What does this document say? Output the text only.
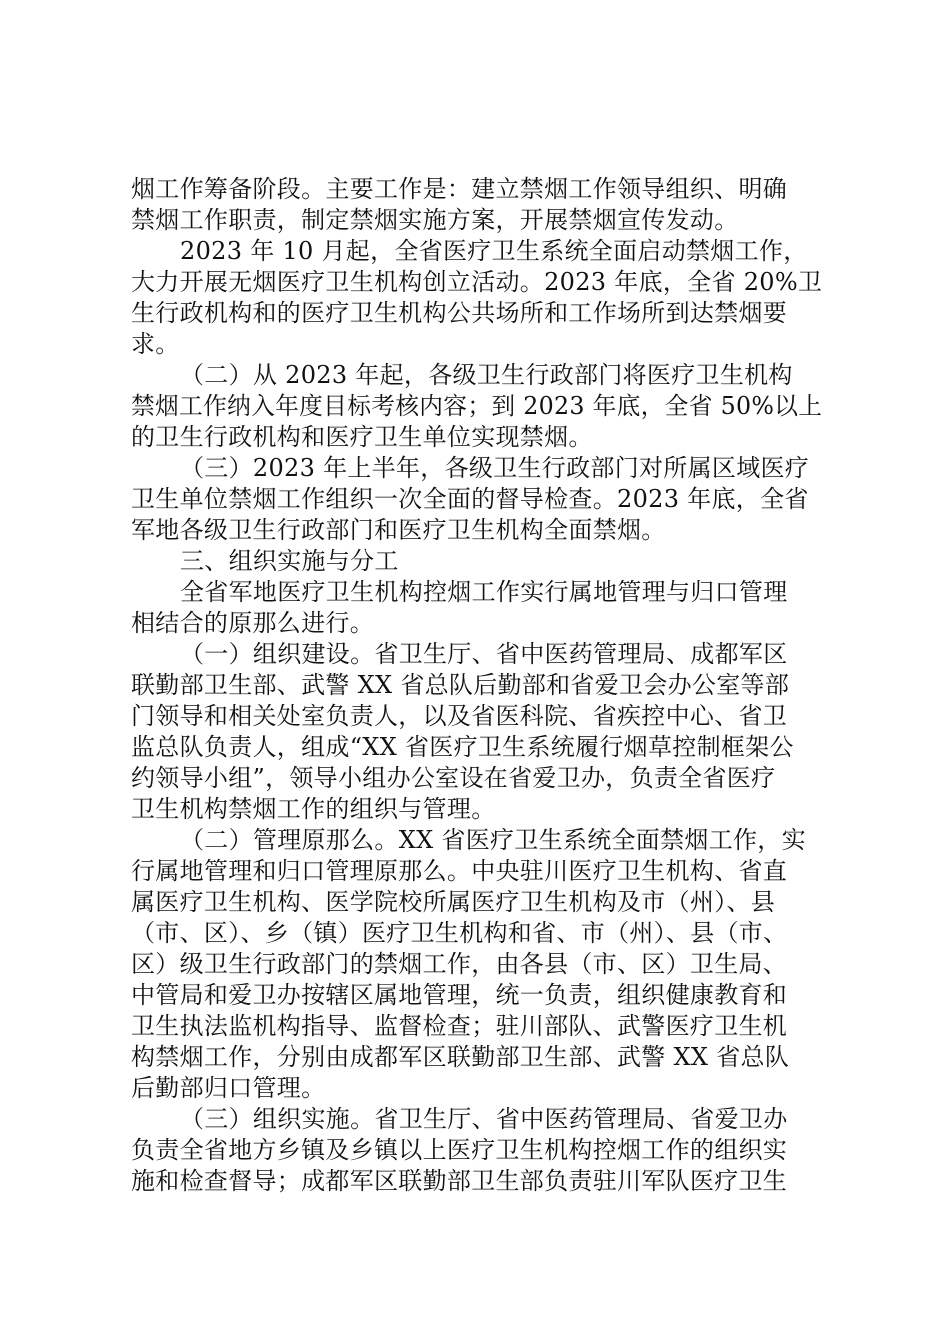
烟工作筹备阶段。主要工作是：建立禁烟工作领导组织、明确
禁烟工作职责，制定禁烟实施方案，开展禁烟宣传发动。
2023 年 10 月起，全省医疗卫生系统全面启动禁烟工作，
大力开展无烟医疗卫生机构创立活动。2023 年底，全省 20%卫
生行政机构和的医疗卫生机构公共场所和工作场所到达禁烟要
求。
（二）从 2023 年起，各级卫生行政部门将医疗卫生机构
禁烟工作纳入年度目标考核内容；到 2023 年底，全省 50%以上
的卫生行政机构和医疗卫生单位实现禁烟。
（三）2023 年上半年，各级卫生行政部门对所属区域医疗
卫生单位禁烟工作组织一次全面的督导检查。2023 年底，全省
军地各级卫生行政部门和医疗卫生机构全面禁烟。
三、组织实施与分工
全省军地医疗卫生机构控烟工作实行属地管理与归口管理
相结合的原那么进行。
（一）组织建设。省卫生厅、省中医药管理局、成都军区
联勤部卫生部、武警 XX 省总队后勤部和省爱卫会办公室等部
门领导和相关处室负责人，以及省医科院、省疾控中心、省卫
监总队负责人，组成“XX 省医疗卫生系统履行烟草控制框架公
约领导小组”，领导小组办公室设在省爱卫办，负责全省医疗
卫生机构禁烟工作的组织与管理。
（二）管理原那么。XX 省医疗卫生系统全面禁烟工作，实
行属地管理和归口管理原那么。中央驻川医疗卫生机构、省直
属医疗卫生机构、医学院校所属医疗卫生机构及市（州）、县
（市、区）、乡（镇）医疗卫生机构和省、市（州）、县（市、
区）级卫生行政部门的禁烟工作，由各县（市、区）卫生局、
中管局和爱卫办按辖区属地管理，统一负责，组织健康教育和
卫生执法监机构指导、监督检查；驻川部队、武警医疗卫生机
构禁烟工作，分别由成都军区联勤部卫生部、武警 XX 省总队
后勤部归口管理。
（三）组织实施。省卫生厅、省中医药管理局、省爱卫办
负责全省地方乡镇及乡镇以上医疗卫生机构控烟工作的组织实
施和检查督导；成都军区联勤部卫生部负责驻川军队医疗卫生
